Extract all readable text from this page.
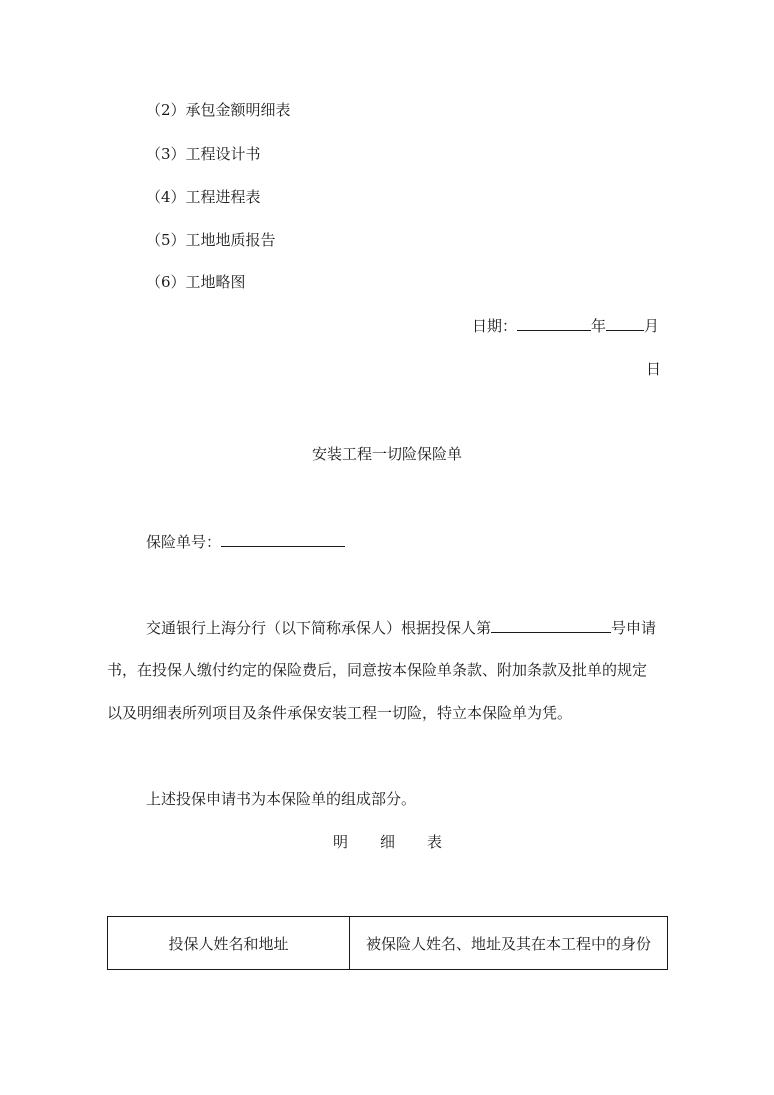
（2）承包金额明细表
（3）工程设计书
（4）工程进程表
（5）工地地质报告
（6）工地略图
日期：	年	月
日
安装工程一切险保险单
保险单号：
交通银行上海分行（以下简称承保人）根据投保人第	号申请
书，在投保人缴付约定的保险费后，同意按本保险单条款、附加条款及批单的规定
以及明细表所列项目及条件承保安装工程一切险，特立本保险单为凭。
上述投保申请书为本保险单的组成部分。
明 细 表
投保人姓名和地址	被保险人姓名、地址及其在本工程中的身份
